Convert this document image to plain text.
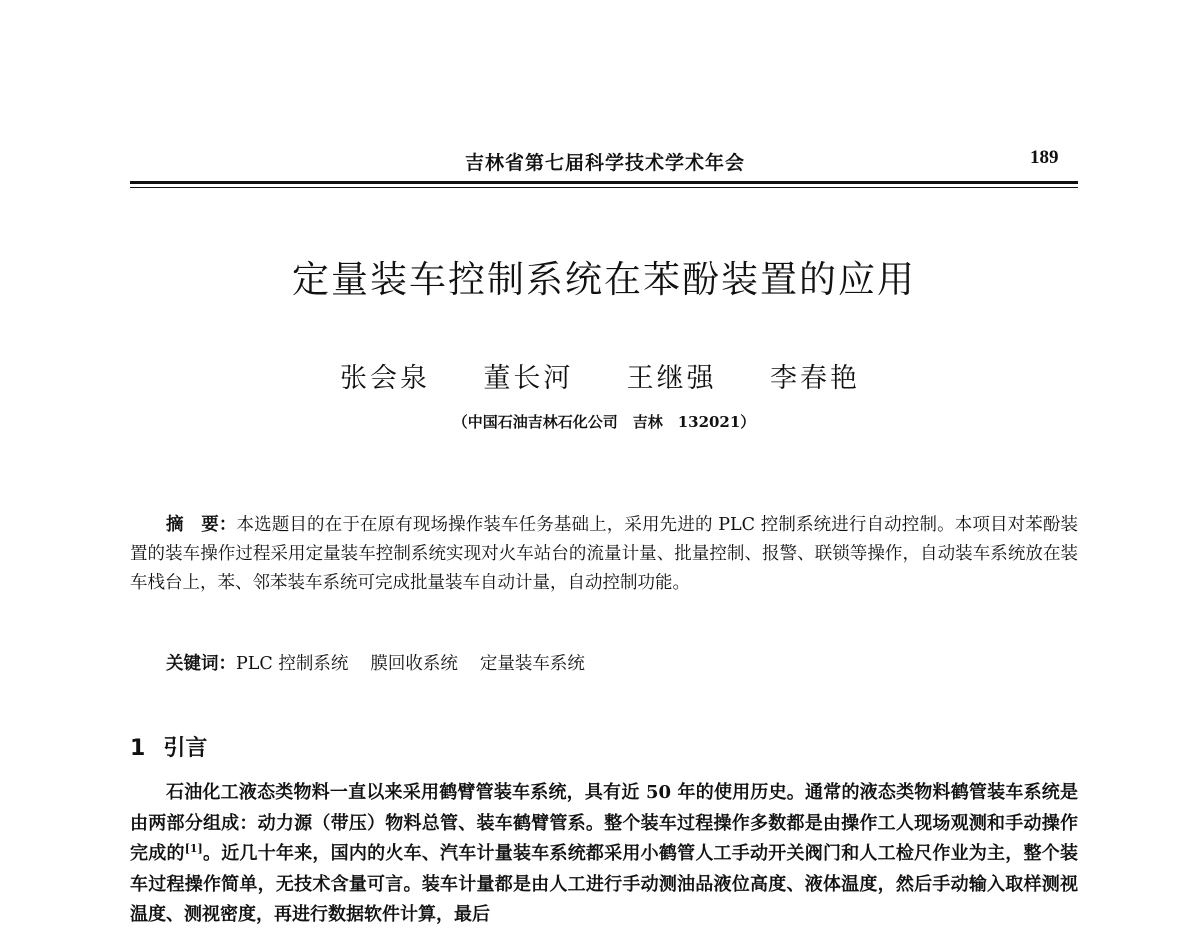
吉林省第七届科学技术学术年会	189
定量装车控制系统在苯酚装置的应用
张会泉 董长河 王继强 李春艳
（中国石油吉林石化公司　吉林　132021）

摘　要：本选题目的在于在原有现场操作装车任务基础上，采用先进的 PLC 控制系统进行自动控制。本项目对苯酚装置的装车操作过程采用定量装车控制系统实现对火车站台的流量计量、批量控制、报警、联锁等操作，自动装车系统放在装车栈台上，苯、邻苯装车系统可完成批量装车自动计量，自动控制功能。

关键词：PLC 控制系统 膜回收系统 定量装车系统

1 引言

石油化工液态类物料一直以来采用鹤臂管装车系统，具有近 50 年的使用历史。通常的液态类物料鹤管装车系统是由两部分组成：动力源（带压）物料总管、装车鹤臂管系。整个装车过程操作多数都是由操作工人现场观测和手动操作完成的[1]。近几十年来，国内的火车、汽车计量装车系统都采用小鹤管人工手动开关阀门和人工检尺作业为主，整个装车过程操作简单，无技术含量可言。装车计量都是由人工进行手动测油品液位高度、液体温度，然后手动输入取样测视温度、测视密度，再进行数据软件计算，最后
